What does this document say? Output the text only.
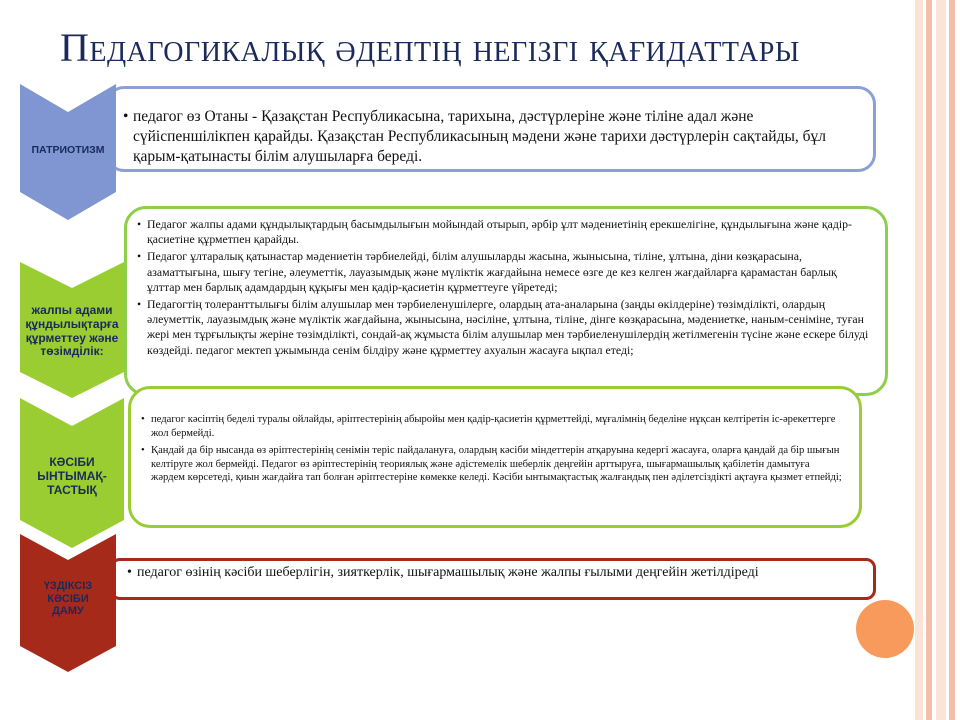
Педагогикалық әдептің негізгі қағидаттары
• педагог өз Отаны - Қазақстан Республикасына, тарихына, дәстүрлеріне және тіліне адал және сүйіспеншілікпен қарайды. Қазақстан Республикасының мәдени және тарихи дәстүрлерін сақтайды, бұл қарым-қатынасты білім алушыларға береді.
ПАТРИОТИЗМ
• Педагог жалпы адами құндылықтардың басымдылығын мойындай отырып, әрбір ұлт мәдениетінің ерекшелігіне, құндылығына және қадір-қасиетіне құрметпен қарайды.
• Педагог ұлтаралық қатынастар мәдениетін тәрбиелейді, білім алушыларды жасына, жынысына, тіліне, ұлтына, діни көзқарасына, азаматтығына, шығу тегіне, әлеуметтік, лауазымдық және мүліктік жағдайына немесе өзге де кез келген жағдайларға қарамастан барлық ұлттар мен барлық адамдардың құқығы мен қадір-қасиетін құрметтеуге үйретеді;
• Педагогтің толеранттылығы білім алушылар мен тәрбиеленушілерге, олардың ата-аналарына (заңды өкілдеріне) төзімділікті, олардың әлеуметтік, лауазымдық және мүліктік жағдайына, жынысына, нәсіліне, ұлтына, тіліне, дінге көзқарасына, мәдениетке, наным-сеніміне, туған жері мен тұрғылықты жеріне төзімділікті, сондай-ақ жұмыста білім алушылар мен тәрбиеленушілердің жетілмегенін түсіне және ескере білуді көздейді. педагог мектеп ұжымында сенім білдіру және құрметтеу ахуалын жасауға ықпал етеді;
жалпы адами құндылықтарға құрметтеу және төзімділік:
• педагог кәсіптің беделі туралы ойлайды, әріптестерінің абыройы мен қадір-қасиетін құрметтейді, мұғалімнің беделіне нұқсан келтіретін іс-әрекеттерге жол бермейді.
• Қандай да бір нысанда өз әріптестерінің сенімін теріс пайдалануға, олардың кәсіби міндеттерін атқаруына кедергі жасауға, оларға қандай да бір шығын келтіруге жол бермейді. Педагог өз әріптестерінің теориялық және әдістемелік шеберлік деңгейін арттыруға, шығармашылық қабілетін дамытуға жәрдем көрсетеді, қиын жағдайға тап болған әріптестеріне көмекке келеді. Кәсіби ынтымақтастық жалғандық пен әділетсіздікті ақтауға қызмет етпейді;
КӘСІБИ ЫНТЫМАҚ-ТАСТЫҚ
• педагог өзінің кәсіби шеберлігін, зияткерлік, шығармашылық және жалпы ғылыми деңгейін жетілдіреді
ҮЗДІКСІЗ КӘСІБИ ДАМУ
